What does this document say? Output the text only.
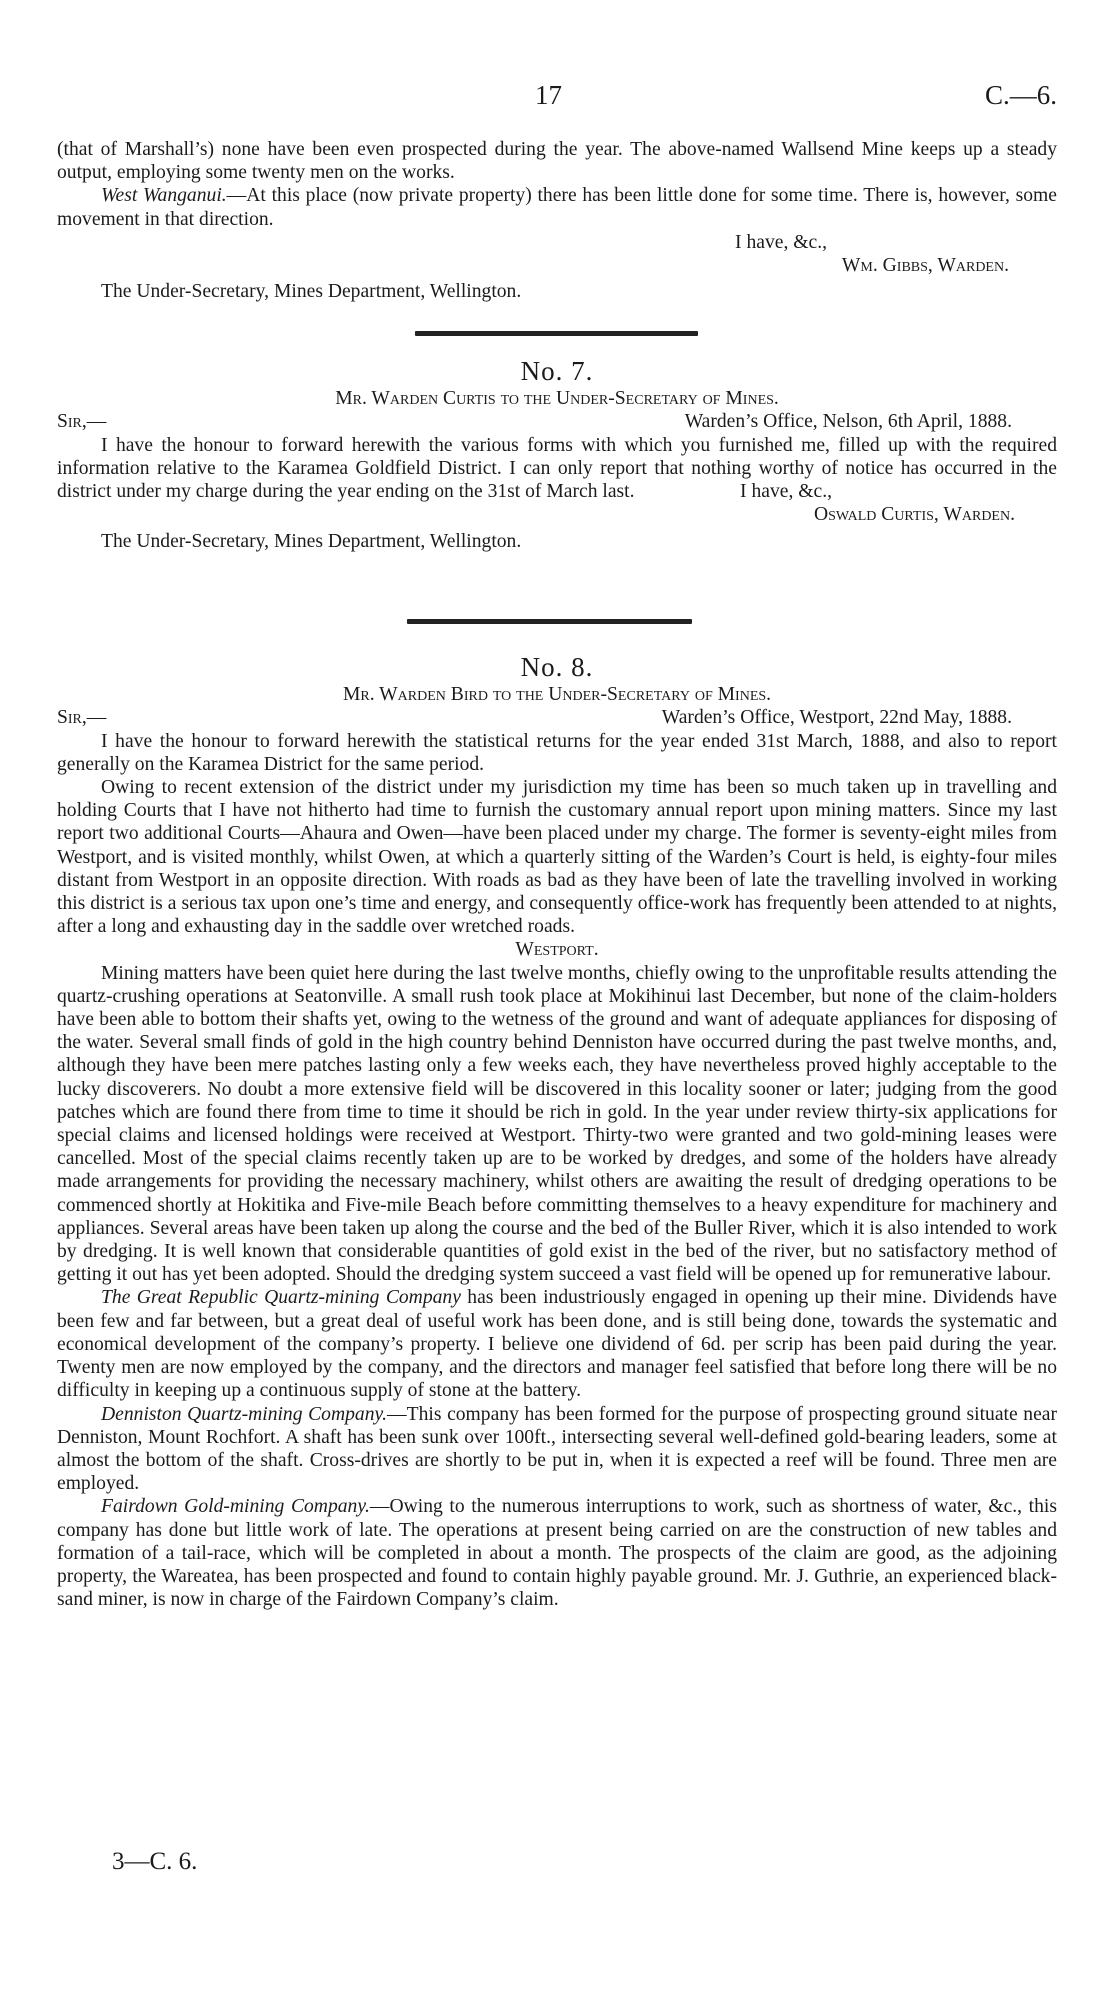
17	C.—6.

(that of Marshall’s) none have been even prospected during the year. The above-named Wallsend Mine keeps up a steady output, employing some twenty men on the works.

West Wanganui.—At this place (now private property) there has been little done for some time. There is, however, some movement in that direction.

I have, &c.,

Wm. Gibbs, Warden.

The Under-Secretary, Mines Department, Wellington.

No. 7.

Mr. Warden Curtis to the Under-Secretary of Mines.

Sir,—	Warden’s Office, Nelson, 6th April, 1888.

I have the honour to forward herewith the various forms with which you furnished me, filled up with the required information relative to the Karamea Goldfield District. I can only report that nothing worthy of notice has occurred in the district under my charge during the year ending on the 31st of March last.	I have, &c.,

Oswald Curtis, Warden.

The Under-Secretary, Mines Department, Wellington.

No. 8.

Mr. Warden Bird to the Under-Secretary of Mines.

Sir,—	Warden’s Office, Westport, 22nd May, 1888.

I have the honour to forward herewith the statistical returns for the year ended 31st March, 1888, and also to report generally on the Karamea District for the same period.

Owing to recent extension of the district under my jurisdiction my time has been so much taken up in travelling and holding Courts that I have not hitherto had time to furnish the customary annual report upon mining matters. Since my last report two additional Courts—Ahaura and Owen—have been placed under my charge. The former is seventy-eight miles from Westport, and is visited monthly, whilst Owen, at which a quarterly sitting of the Warden’s Court is held, is eighty-four miles distant from Westport in an opposite direction. With roads as bad as they have been of late the travelling involved in working this district is a serious tax upon one’s time and energy, and consequently office-work has frequently been attended to at nights, after a long and exhausting day in the saddle over wretched roads.

Westport.

Mining matters have been quiet here during the last twelve months, chiefly owing to the unprofitable results attending the quartz-crushing operations at Seatonville. A small rush took place at Mokihinui last December, but none of the claim-holders have been able to bottom their shafts yet, owing to the wetness of the ground and want of adequate appliances for disposing of the water. Several small finds of gold in the high country behind Denniston have occurred during the past twelve months, and, although they have been mere patches lasting only a few weeks each, they have nevertheless proved highly acceptable to the lucky discoverers. No doubt a more extensive field will be discovered in this locality sooner or later; judging from the good patches which are found there from time to time it should be rich in gold. In the year under review thirty-six applications for special claims and licensed holdings were received at Westport. Thirty-two were granted and two gold-mining leases were cancelled. Most of the special claims recently taken up are to be worked by dredges, and some of the holders have already made arrangements for providing the necessary machinery, whilst others are awaiting the result of dredging operations to be commenced shortly at Hokitika and Five-mile Beach before committing themselves to a heavy expenditure for machinery and appliances. Several areas have been taken up along the course and the bed of the Buller River, which it is also intended to work by dredging. It is well known that considerable quantities of gold exist in the bed of the river, but no satisfactory method of getting it out has yet been adopted. Should the dredging system succeed a vast field will be opened up for remunerative labour.

The Great Republic Quartz-mining Company has been industriously engaged in opening up their mine. Dividends have been few and far between, but a great deal of useful work has been done, and is still being done, towards the systematic and economical development of the company’s property. I believe one dividend of 6d. per scrip has been paid during the year. Twenty men are now employed by the company, and the directors and manager feel satisfied that before long there will be no difficulty in keeping up a continuous supply of stone at the battery.

Denniston Quartz-mining Company.—This company has been formed for the purpose of prospecting ground situate near Denniston, Mount Rochfort. A shaft has been sunk over 100ft., intersecting several well-defined gold-bearing leaders, some at almost the bottom of the shaft. Cross-drives are shortly to be put in, when it is expected a reef will be found. Three men are employed.

Fairdown Gold-mining Company.—Owing to the numerous interruptions to work, such as shortness of water, &c., this company has done but little work of late. The operations at present being carried on are the construction of new tables and formation of a tail-race, which will be completed in about a month. The prospects of the claim are good, as the adjoining property, the Wareatea, has been prospected and found to contain highly payable ground. Mr. J. Guthrie, an experienced black-sand miner, is now in charge of the Fairdown Company’s claim.

3—C. 6.
